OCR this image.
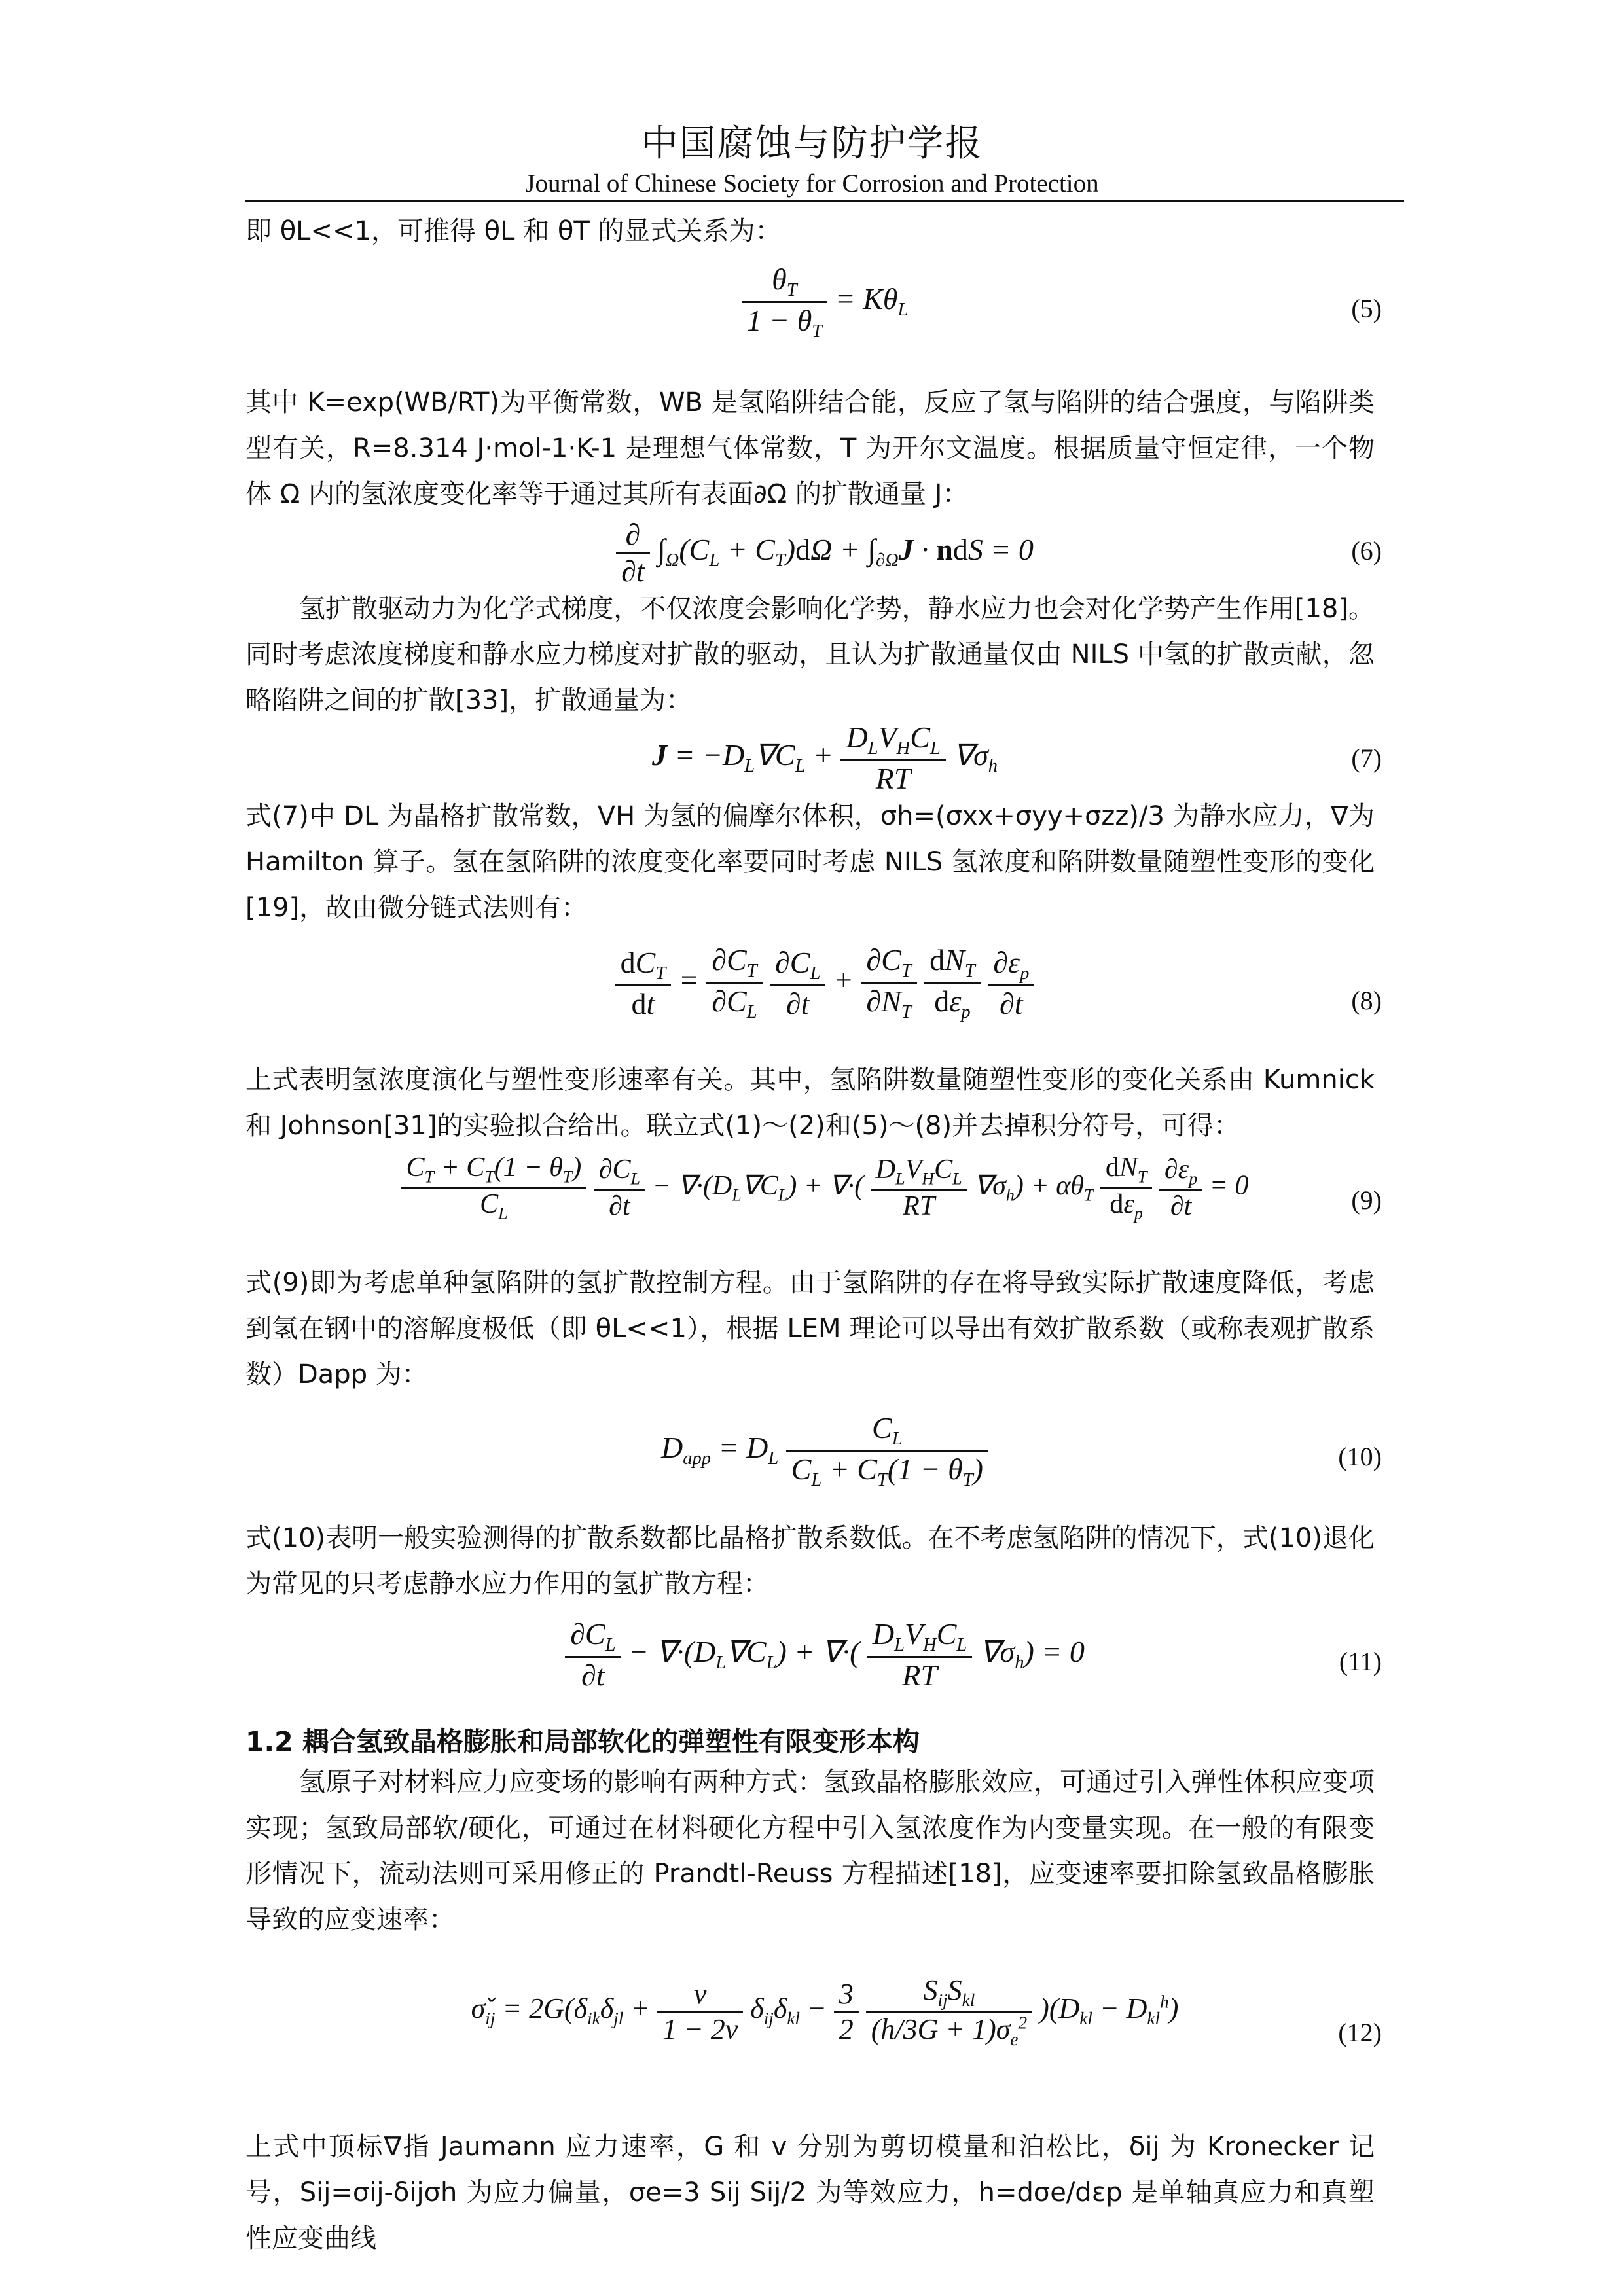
中国腐蚀与防护学报
Journal of Chinese Society for Corrosion and Protection
即 θL<<1，可推得 θL 和 θT 的显式关系为：
$\frac{\theta_T}{1 - \theta_T} = K\theta_L$	(5)
其中 K=exp(WB/RT)为平衡常数，WB 是氢陷阱结合能，反应了氢与陷阱的结合强度，与陷阱类型有关，R=8.314 J·mol-1·K-1 是理想气体常数，T 为开尔文温度。根据质量守恒定律，一个物体 Ω 内的氢浓度变化率等于通过其所有表面∂Ω 的扩散通量 J：
$\frac{\partial}{\partial t} \int_\Omega(C_L + C_T)d\Omega + \int_{\partial\Omega}J$ · ndS = 0	(6)
氢扩散驱动力为化学式梯度，不仅浓度会影响化学势，静水应力也会对化学势产生作用[18]。同时考虑浓度梯度和静水应力梯度对扩散的驱动，且认为扩散通量仅由 NILS 中氢的扩散贡献，忽略陷阱之间的扩散[33]，扩散通量为：
$J = -D_L\nabla C_L + \frac{D_LV_HC_L}{RT} \nabla\sigma_h$	(7)
式(7)中 DL 为晶格扩散常数，VH 为氢的偏摩尔体积，σh=(σxx+σyy+σzz)/3 为静水应力，∇为 Hamilton 算子。氢在氢陷阱的浓度变化率要同时考虑 NILS 氢浓度和陷阱数量随塑性变形的变化[19]，故由微分链式法则有：
$\frac{dC_T}{dt} = \frac{\partial C_T}{\partial C_L}$
$\frac{\partial C_L}{\partial t} + \frac{\partial C_T}{\partial N_T}$
$\frac{dN_T}{d\varepsilon_p}$
$\frac{\partial\varepsilon_p}{\partial t}$	(8)
上式表明氢浓度演化与塑性变形速率有关。其中，氢陷阱数量随塑性变形的变化关系由 Kumnick 和 Johnson[31]的实验拟合给出。联立式(1)～(2)和(5)～(8)并去掉积分符号，可得：
$\frac{C_T + C_T(1 - \theta_T)}{C_L}$
$\frac{\partial C_L}{\partial t} - \nabla\cdot(D_L\nabla C_L)$ + ∇·( $\frac{D_LV_HC_L}{RT} \nabla\sigma_h) + \alpha\theta_T \frac{dN_T}{d\varepsilon_p}$
$\frac{\partial\varepsilon_p}{\partial t} = 0$	(9)
式(9)即为考虑单种氢陷阱的氢扩散控制方程。由于氢陷阱的存在将导致实际扩散速度降低，考虑到氢在钢中的溶解度极低（即 θL<<1），根据 LEM 理论可以导出有效扩散系数（或称表观扩散系数）Dapp 为：
$D_{app} = D_L \frac{C_L}{C_L + C_T(1 - \theta_T)}$	(10)
式(10)表明一般实验测得的扩散系数都比晶格扩散系数低。在不考虑氢陷阱的情况下，式(10)退化为常见的只考虑静水应力作用的氢扩散方程：
$\frac{\partial C_L}{\partial t} - \nabla\cdot(D_L\nabla C_L)$ + ∇·( $\frac{D_LV_HC_L}{RT} \nabla\sigma_h) = 0$	(11)
1.2 耦合氢致晶格膨胀和局部软化的弹塑性有限变形本构
氢原子对材料应力应变场的影响有两种方式：氢致晶格膨胀效应，可通过引入弹性体积应变项实现；氢致局部软/硬化，可通过在材料硬化方程中引入氢浓度作为内变量实现。在一般的有限变形情况下，流动法则可采用修正的 Prandtl-Reuss 方程描述[18]，应变速率要扣除氢致晶格膨胀导致的应变速率：
$\sigmǎ_{ij} = 2G(\delta_{ik}\delta_{jl} + \frac{v}{1 - 2v} \delta_{ij}\delta_{kl} - \frac{3}{2}$
$\frac{S_{ij}S_{kl}}{(h/3G + 1)\sigma_e^2} )(D_{kl} - D_{kl}^h)$
(12)
上式中顶标∇指 Jaumann 应力速率，G 和 v 分别为剪切模量和泊松比，δij 为 Kronecker 记号，Sij=σij-δijσh 为应力偏量，σe=3 Sij Sij/2 为等效应力，h=dσe/dεp 是单轴真应力和真塑性应变曲线
